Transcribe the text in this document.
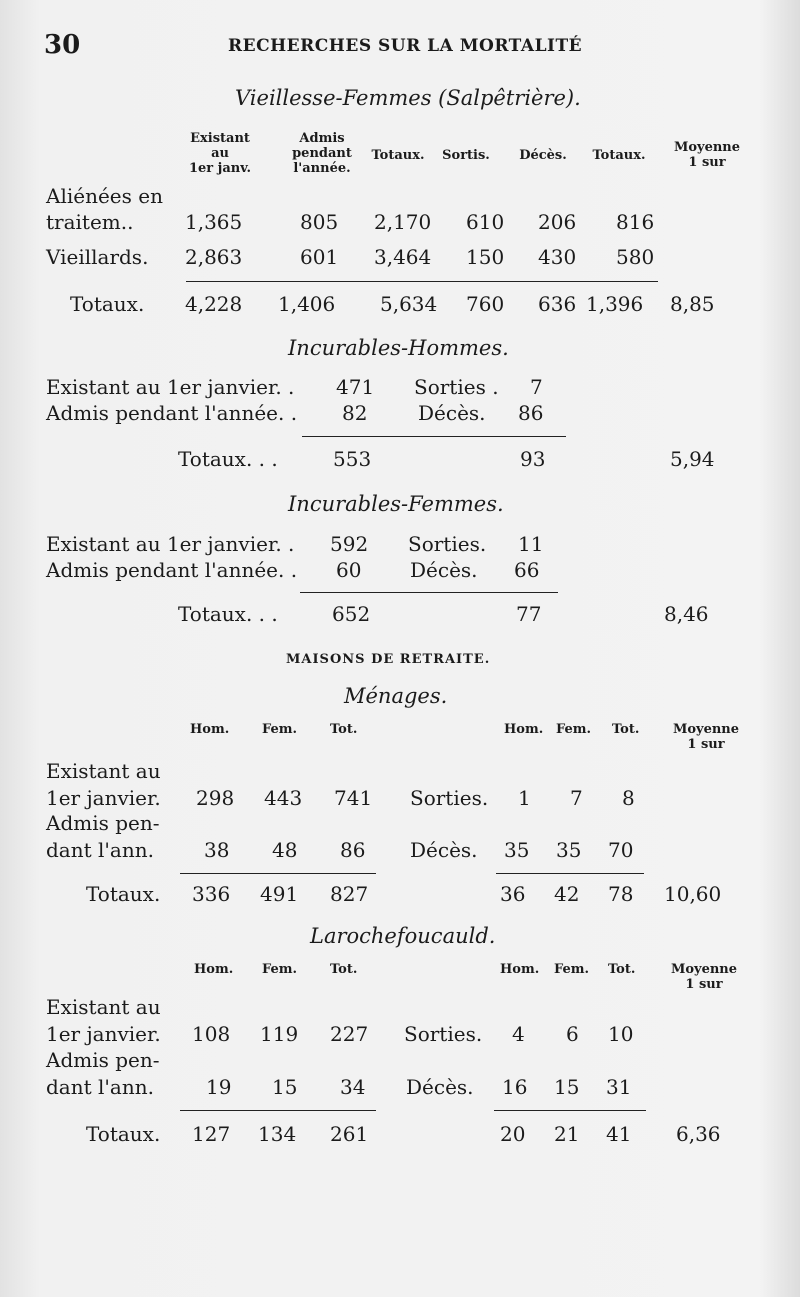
30	RECHERCHES SUR LA MORTALITÉ
Vieillesse-Femmes (Salpêtrière).
Existant
au
1er janv.
Admis
pendant
l'année.
Totaux.	Sortis.	Décès.	Totaux.
Moyenne
1 sur
Aliénées en
traitem..	1,365	805 2,170 610 206 816
Vieillards. 2,863	601 3,464 150 430 580
Totaux. 4,228 1,406 5,634 760 636 1,396 8,85
Incurables-Hommes.
Existant au 1er janvier. . 471 Sorties . 7
Admis pendant l'année. . 82	Décès. 86
Totaux. . .	553	93	5,94
Incurables-Femmes.
Existant au 1er janvier. . 592 Sorties. 11
Admis pendant l'année. . 60 Décès. 66
Totaux. . .	652	77	8,46
MAISONS DE RETRAITE.
Ménages.
Hom.	Fem.	Tot.	Hom. Fem. Tot.	Moyenne
1 sur
Existant au
1er janvier. 298 443 741 Sorties. 1 7 8
Admis pen-
dant l'ann.	38 48 86 Décès. 35 35 70
Totaux. 336 491 827	36 42 78 10,60
Larochefoucauld.
Hom. Fem.	Tot.	Hom. Fem. Tot.	Moyenne
1 sur
Existant au
1er janvier. 108 119 227 Sorties. 4 6 10
Admis pen-
dant l'ann.	19 15 34 Décès. 16 15 31
Totaux. 127 134 261	20 21 41 6,36
